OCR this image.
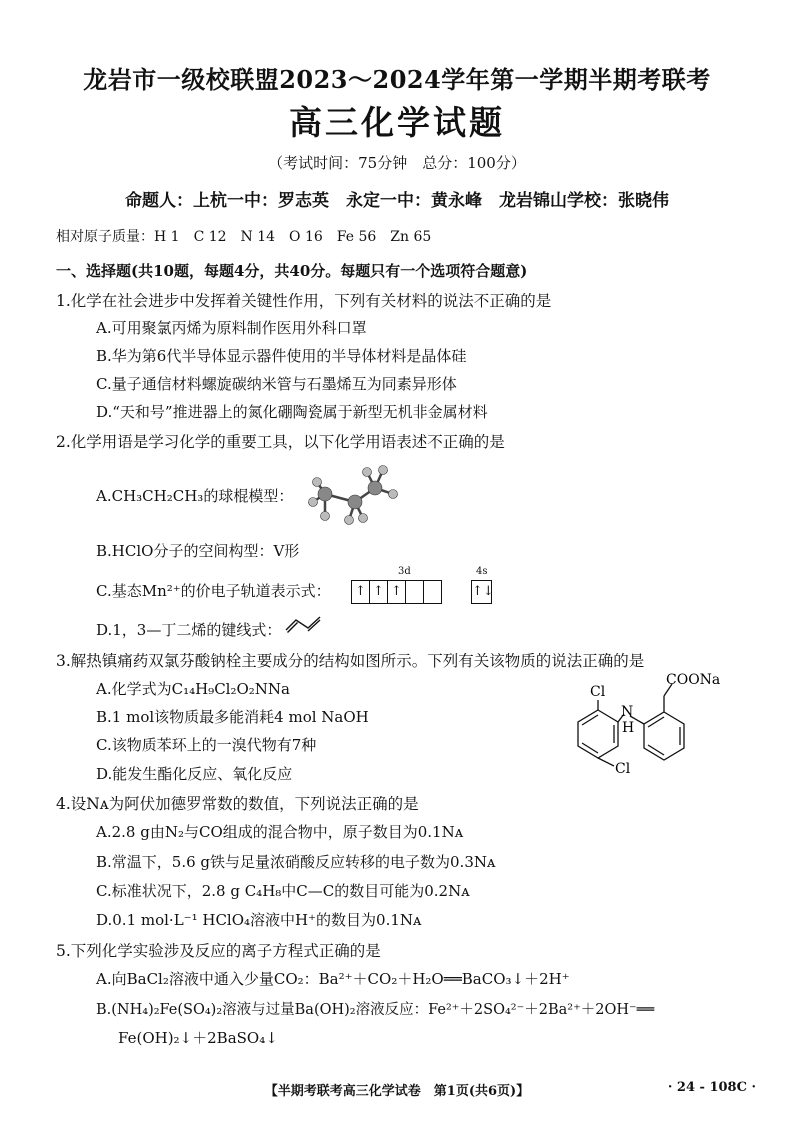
龙岩市一级校联盟2023～2024学年第一学期半期考联考
高三化学试题
（考试时间：75分钟　总分：100分）
命题人：上杭一中：罗志英　永定一中：黄永峰　龙岩锦山学校：张晓伟
相对原子质量：H 1　C 12　N 14　O 16　Fe 56　Zn 65
一、选择题(共10题，每题4分，共40分。每题只有一个选项符合题意)
1.化学在社会进步中发挥着关键性作用，下列有关材料的说法不正确的是
A.可用聚氯丙烯为原料制作医用外科口罩
B.华为第6代半导体显示器件使用的半导体材料是晶体硅
C.量子通信材料螺旋碳纳米管与石墨烯互为同素异形体
D.“天和号”推进器上的氮化硼陶瓷属于新型无机非金属材料
2.化学用语是学习化学的重要工具，以下化学用语表述不正确的是
A.CH₃CH₂CH₃的球棍模型：
B.HClO分子的空间构型：V形
C.基态Mn²⁺的价电子轨道表示式：
3d
↑ ↑ ↑
4s
↑↓
D.1，3—丁二烯的键线式：
3.解热镇痛药双氯芬酸钠栓主要成分的结构如图所示。下列有关该物质的说法正确的是
A.化学式为C₁₄H₉Cl₂O₂NNa
B.1 mol该物质最多能消耗4 mol NaOH
C.该物质苯环上的一溴代物有7种
D.能发生酯化反应、氧化反应
Cl
N
H
COONa
Cl
4.设Nᴀ为阿伏加德罗常数的数值，下列说法正确的是
A.2.8 g由N₂与CO组成的混合物中，原子数目为0.1Nᴀ
B.常温下，5.6 g铁与足量浓硝酸反应转移的电子数为0.3Nᴀ
C.标准状况下，2.8 g C₄H₈中C—C的数目可能为0.2Nᴀ
D.0.1 mol·L⁻¹ HClO₄溶液中H⁺的数目为0.1Nᴀ
5.下列化学实验涉及反应的离子方程式正确的是
A.向BaCl₂溶液中通入少量CO₂：Ba²⁺＋CO₂＋H₂O══BaCO₃↓＋2H⁺
B.(NH₄)₂Fe(SO₄)₂溶液与过量Ba(OH)₂溶液反应：Fe²⁺＋2SO₄²⁻＋2Ba²⁺＋2OH⁻══
Fe(OH)₂↓＋2BaSO₄↓
【半期考联考高三化学试卷　第1页(共6页)】	· 24 - 108C ·
